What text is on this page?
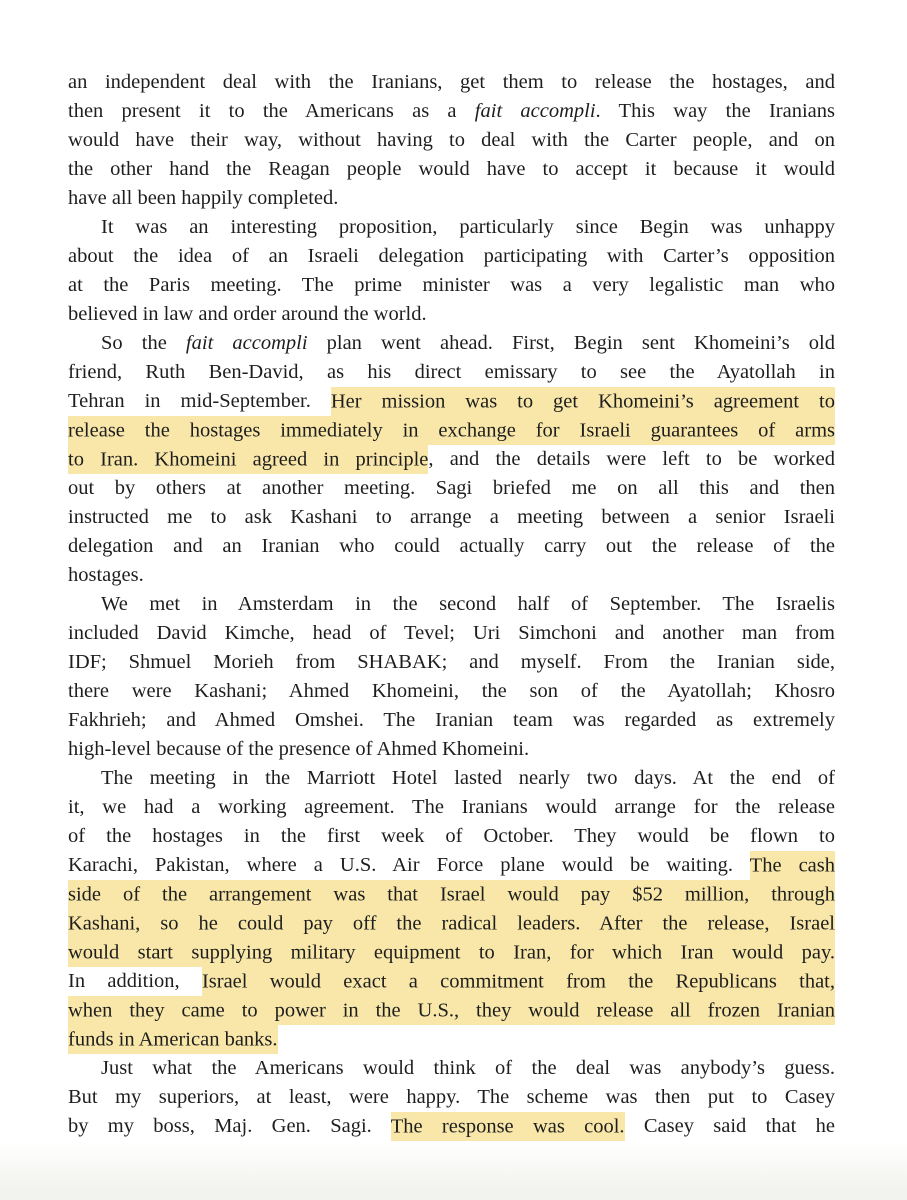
an independent deal with the Iranians, get them to release the hostages, and
then present it to the Americans as a fait accompli. This way the Iranians
would have their way, without having to deal with the Carter people, and on
the other hand the Reagan people would have to accept it because it would
have all been happily completed.
It was an interesting proposition, particularly since Begin was unhappy
about the idea of an Israeli delegation participating with Carter’s opposition
at the Paris meeting. The prime minister was a very legalistic man who
believed in law and order around the world.
So the fait accompli plan went ahead. First, Begin sent Khomeini’s old
friend, Ruth Ben-David, as his direct emissary to see the Ayatollah in
Tehran in mid-September. Her mission was to get Khomeini’s agreement to
release the hostages immediately in exchange for Israeli guarantees of arms
to Iran. Khomeini agreed in principle, and the details were left to be worked
out by others at another meeting. Sagi briefed me on all this and then
instructed me to ask Kashani to arrange a meeting between a senior Israeli
delegation and an Iranian who could actually carry out the release of the
hostages.
We met in Amsterdam in the second half of September. The Israelis
included David Kimche, head of Tevel; Uri Simchoni and another man from
IDF; Shmuel Morieh from SHABAK; and myself. From the Iranian side,
there were Kashani; Ahmed Khomeini, the son of the Ayatollah; Khosro
Fakhrieh; and Ahmed Omshei. The Iranian team was regarded as extremely
high-level because of the presence of Ahmed Khomeini.
The meeting in the Marriott Hotel lasted nearly two days. At the end of
it, we had a working agreement. The Iranians would arrange for the release
of the hostages in the first week of October. They would be flown to
Karachi, Pakistan, where a U.S. Air Force plane would be waiting. The cash
side of the arrangement was that Israel would pay $52 million, through
Kashani, so he could pay off the radical leaders. After the release, Israel
would start supplying military equipment to Iran, for which Iran would pay.
In addition, Israel would exact a commitment from the Republicans that,
when they came to power in the U.S., they would release all frozen Iranian
funds in American banks.
Just what the Americans would think of the deal was anybody’s guess.
But my superiors, at least, were happy. The scheme was then put to Casey
by my boss, Maj. Gen. Sagi. The response was cool. Casey said that he
